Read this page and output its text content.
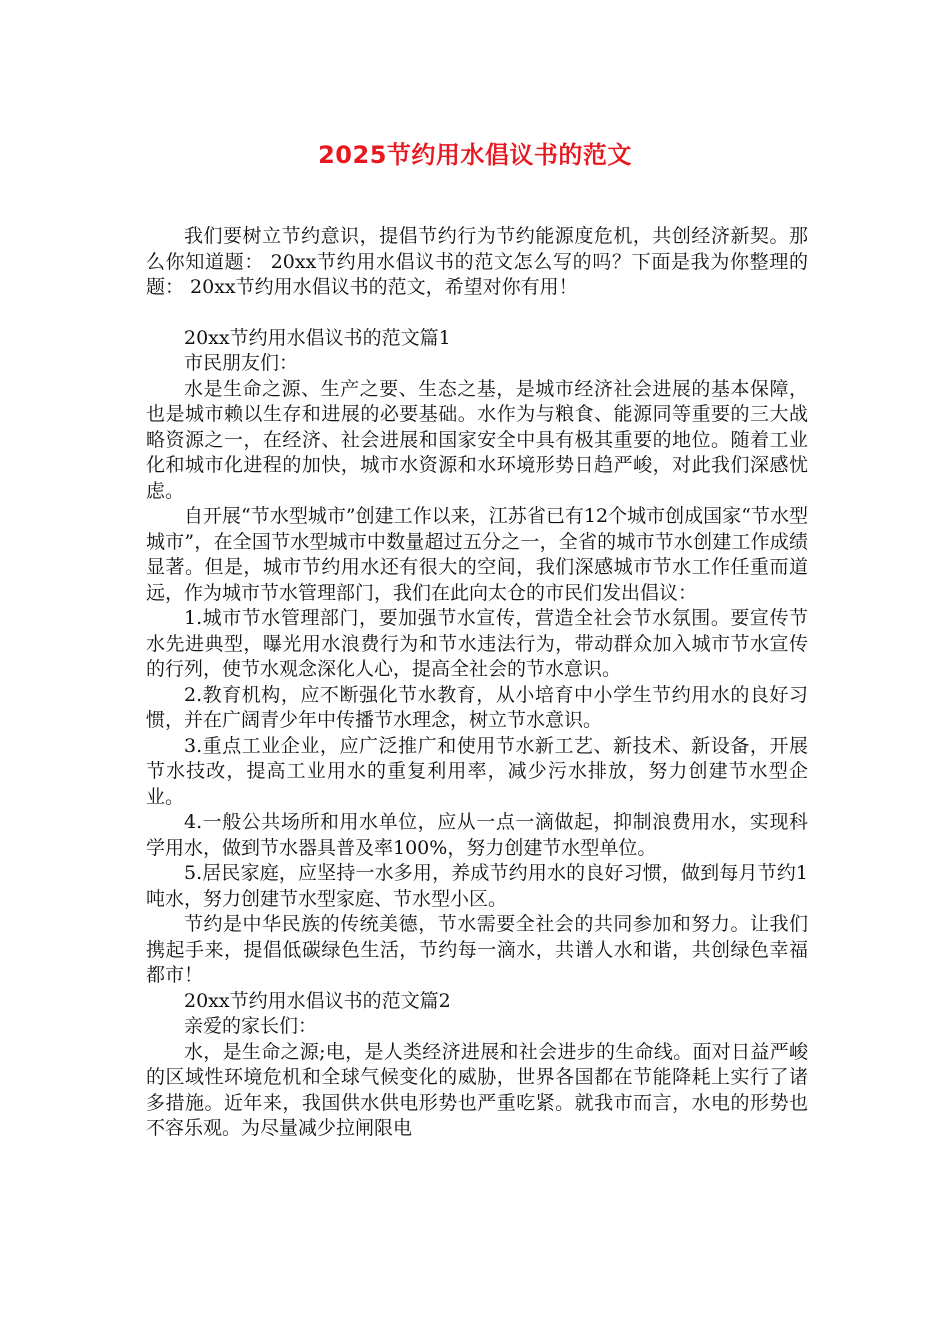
2025节约用水倡议书的范文

我们要树立节约意识，提倡节约行为节约能源度危机，共创经济新契。那么你知道题： 20xx节约用水倡议书的范文怎么写的吗？下面是我为你整理的题： 20xx节约用水倡议书的范文，希望对你有用！

20xx节约用水倡议书的范文篇1

市民朋友们：

水是生命之源、生产之要、生态之基，是城市经济社会进展的基本保障，也是城市赖以生存和进展的必要基础。水作为与粮食、能源同等重要的三大战略资源之一，在经济、社会进展和国家安全中具有极其重要的地位。随着工业化和城市化进程的加快，城市水资源和水环境形势日趋严峻，对此我们深感忧虑。

自开展“节水型城市”创建工作以来，江苏省已有12个城市创成国家“节水型城市”，在全国节水型城市中数量超过五分之一，全省的城市节水创建工作成绩显著。但是，城市节约用水还有很大的空间，我们深感城市节水工作任重而道远，作为城市节水管理部门，我们在此向太仓的市民们发出倡议：

1.城市节水管理部门，要加强节水宣传，营造全社会节水氛围。要宣传节水先进典型，曝光用水浪费行为和节水违法行为，带动群众加入城市节水宣传的行列，使节水观念深化人心，提高全社会的节水意识。

2.教育机构，应不断强化节水教育，从小培育中小学生节约用水的良好习惯，并在广阔青少年中传播节水理念，树立节水意识。

3.重点工业企业，应广泛推广和使用节水新工艺、新技术、新设备，开展节水技改，提高工业用水的重复利用率，减少污水排放，努力创建节水型企业。

4.一般公共场所和用水单位，应从一点一滴做起，抑制浪费用水，实现科学用水，做到节水器具普及率100%，努力创建节水型单位。

5.居民家庭，应坚持一水多用，养成节约用水的良好习惯，做到每月节约1吨水，努力创建节水型家庭、节水型小区。

节约是中华民族的传统美德，节水需要全社会的共同参加和努力。让我们携起手来，提倡低碳绿色生活，节约每一滴水，共谱人水和谐，共创绿色幸福都市！

20xx节约用水倡议书的范文篇2

亲爱的家长们：

水，是生命之源;电，是人类经济进展和社会进步的生命线。面对日益严峻的区域性环境危机和全球气候变化的威胁，世界各国都在节能降耗上实行了诸多措施。近年来，我国供水供电形势也严重吃紧。就我市而言，水电的形势也不容乐观。为尽量减少拉闸限电
